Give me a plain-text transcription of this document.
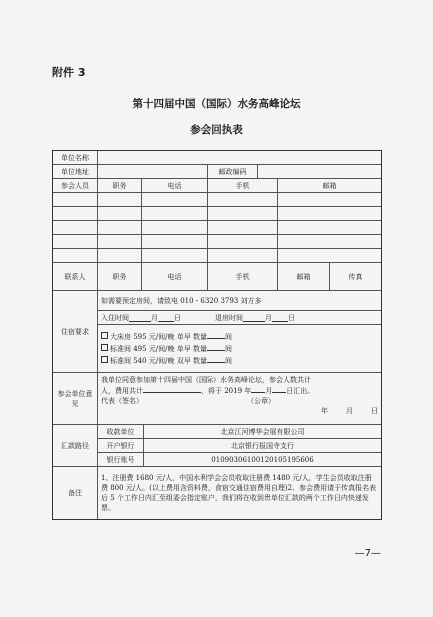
附件 3
第十四届中国（国际）水务高峰论坛
参会回执表
单位名称
单位地址	邮政编码
参会人员	职务	电话	手机	邮箱
联系人	职务	电话	手机	邮箱	传真
住宿要求
如需要预定房间，请致电 010 - 6320 3793 刘方多
入住时间	月 日	退房时间	月 日
大床房 595 元/间/晚 单早 数量	间
标准间 495 元/间/晚 单早 数量	间
标准间 540 元/间/晚 双早 数量	间
参会单位意见
我单位同意参加第十四届中国（国际）水务高峰论坛，参会人数共计
人，费用共计	，将于 2019 年 月 日汇出。
代表（签名）	（公章）
年	月	日
汇款路径
收款单位	北京江河博华会展有限公司
开户银行	北京银行报国寺支行
银行账号	01090306100120105195606
备注
1、注册费 1680 元/人，中国水利学会会员收取注册费 1480 元/人，学生会员收取注册费 800 元/人。(以上费用含资料费，食宿交通住宿费用自理)2、参会费用请于传真报名表后 5 个工作日内汇至组委会指定账户，我们将在收到贵单位汇款的两个工作日内快递发票。
—7—
